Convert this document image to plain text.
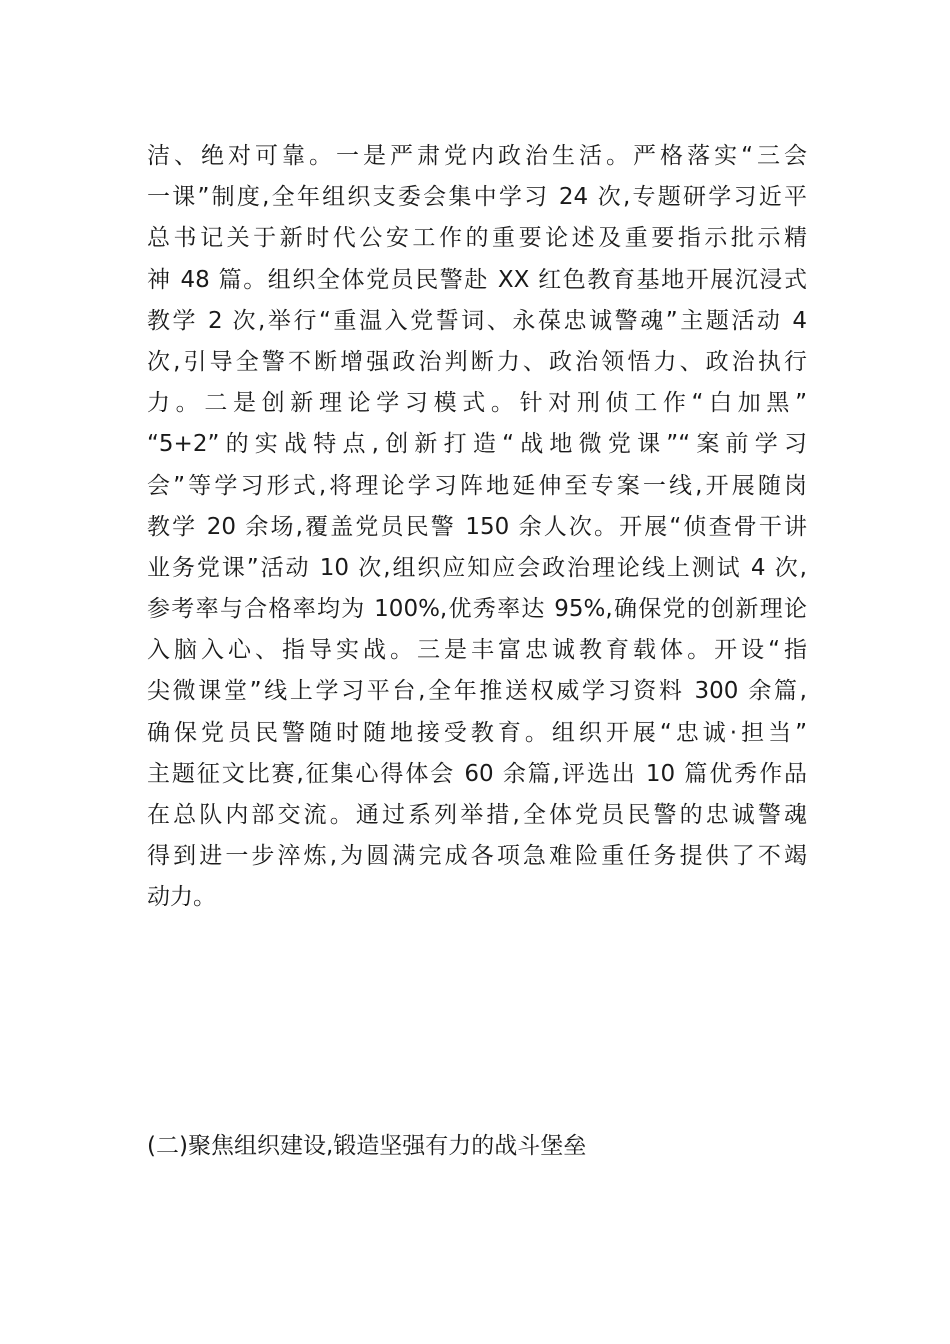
洁、绝对可靠。一是严肃党内政治生活。严格落实“三会
一课”制度,全年组织支委会集中学习 24 次,专题研学习近平
总书记关于新时代公安工作的重要论述及重要指示批示精
神 48 篇。组织全体党员民警赴 XX 红色教育基地开展沉浸式
教学 2 次,举行“重温入党誓词、永葆忠诚警魂”主题活动 4
次,引导全警不断增强政治判断力、政治领悟力、政治执行
力。二是创新理论学习模式。针对刑侦工作“白加黑”
“5+2”的实战特点,创新打造“战地微党课”“案前学习
会”等学习形式,将理论学习阵地延伸至专案一线,开展随岗
教学 20 余场,覆盖党员民警 150 余人次。开展“侦查骨干讲
业务党课”活动 10 次,组织应知应会政治理论线上测试 4 次,
参考率与合格率均为 100%,优秀率达 95%,确保党的创新理论
入脑入心、指导实战。三是丰富忠诚教育载体。开设“指
尖微课堂”线上学习平台,全年推送权威学习资料 300 余篇,
确保党员民警随时随地接受教育。组织开展“忠诚·担当”
主题征文比赛,征集心得体会 60 余篇,评选出 10 篇优秀作品
在总队内部交流。通过系列举措,全体党员民警的忠诚警魂
得到进一步淬炼,为圆满完成各项急难险重任务提供了不竭
动力。
(二)聚焦组织建设,锻造坚强有力的战斗堡垒
